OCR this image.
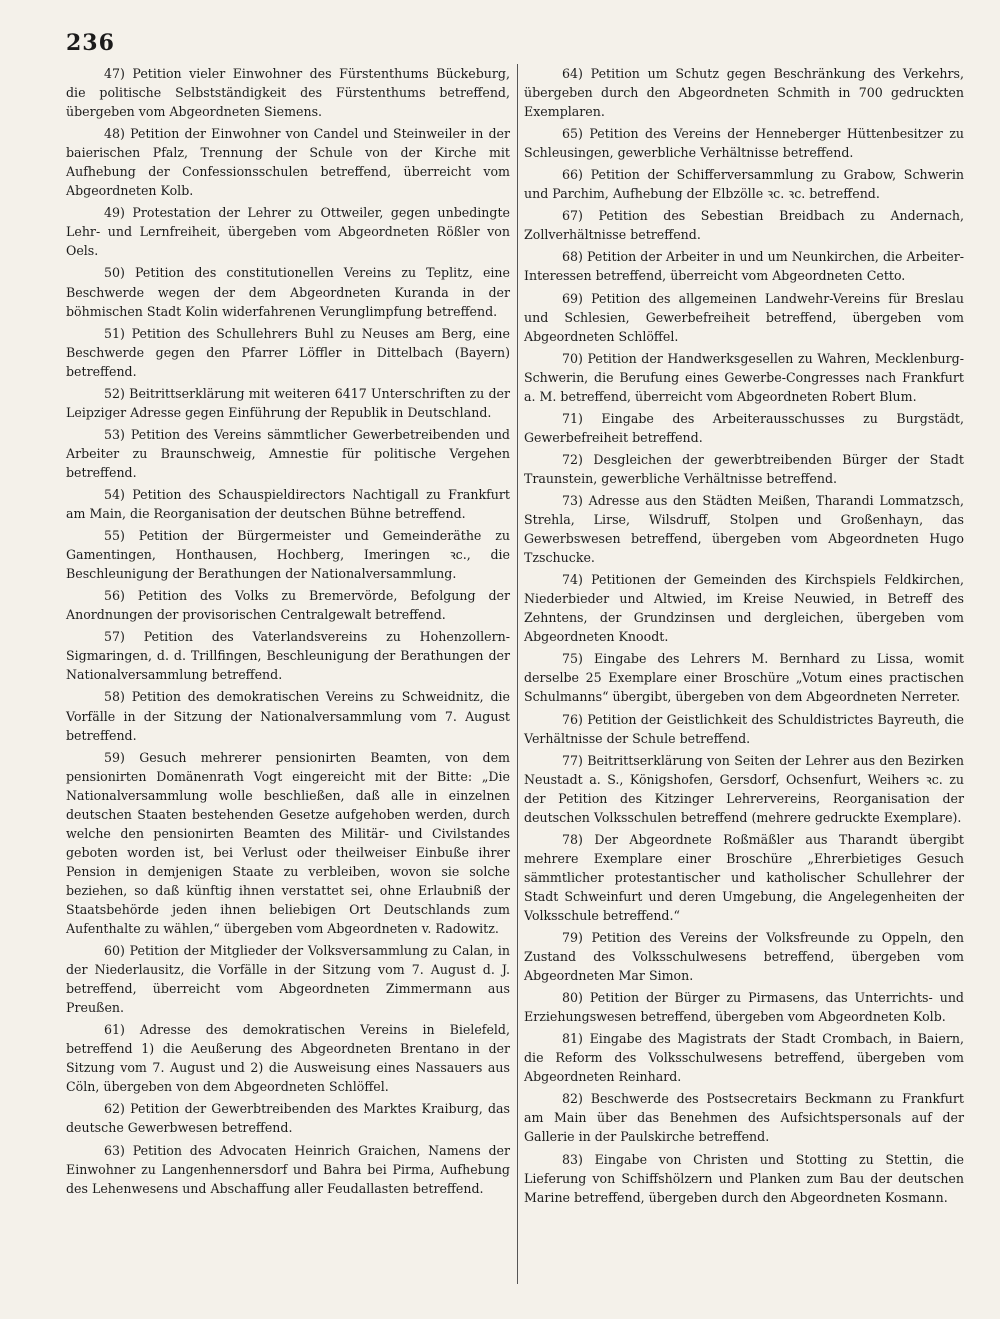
236

47) Petition vieler Einwohner des Fürstenthums Bückeburg, die politische Selbstständigkeit des Fürstenthums betreffend, übergeben vom Abgeordneten Siemens.

48) Petition der Einwohner von Candel und Steinweiler in der baierischen Pfalz, Trennung der Schule von der Kirche mit Aufhebung der Confessionsschulen betreffend, überreicht vom Abgeordneten Kolb.

49) Protestation der Lehrer zu Ottweiler, gegen unbedingte Lehr- und Lernfreiheit, übergeben vom Abgeordneten Rößler von Oels.

50) Petition des constitutionellen Vereins zu Teplitz, eine Beschwerde wegen der dem Abgeordneten Kuranda in der böhmischen Stadt Kolin widerfahrenen Verunglimpfung betreffend.

51) Petition des Schullehrers Buhl zu Neuses am Berg, eine Beschwerde gegen den Pfarrer Löffler in Dittelbach (Bayern) betreffend.

52) Beitrittserklärung mit weiteren 6417 Unterschriften zu der Leipziger Adresse gegen Einführung der Republik in Deutschland.

53) Petition des Vereins sämmtlicher Gewerbetreibenden und Arbeiter zu Braunschweig, Amnestie für politische Vergehen betreffend.

54) Petition des Schauspieldirectors Nachtigall zu Frankfurt am Main, die Reorganisation der deutschen Bühne betreffend.

55) Petition der Bürgermeister und Gemeinderäthe zu Gamentingen, Honthausen, Hochberg, Imeringen ꝛc., die Beschleunigung der Berathungen der Nationalversammlung.

56) Petition des Volks zu Bremervörde, Befolgung der Anordnungen der provisorischen Centralgewalt betreffend.

57) Petition des Vaterlandsvereins zu Hohenzollern-Sigmaringen, d. d. Trillfingen, Beschleunigung der Berathungen der Nationalversammlung betreffend.

58) Petition des demokratischen Vereins zu Schweidnitz, die Vorfälle in der Sitzung der Nationalversammlung vom 7. August betreffend.

59) Gesuch mehrerer pensionirten Beamten, von dem pensionirten Domänenrath Vogt eingereicht mit der Bitte: „Die Nationalversammlung wolle beschließen, daß alle in einzelnen deutschen Staaten bestehenden Gesetze aufgehoben werden, durch welche den pensionirten Beamten des Militär- und Civilstandes geboten worden ist, bei Verlust oder theilweiser Einbuße ihrer Pension in demjenigen Staate zu verbleiben, wovon sie solche beziehen, so daß künftig ihnen verstattet sei, ohne Erlaubniß der Staatsbehörde jeden ihnen beliebigen Ort Deutschlands zum Aufenthalte zu wählen,“ übergeben vom Abgeordneten v. Radowitz.

60) Petition der Mitglieder der Volksversammlung zu Calan, in der Niederlausitz, die Vorfälle in der Sitzung vom 7. August d. J. betreffend, überreicht vom Abgeordneten Zimmermann aus Preußen.

61) Adresse des demokratischen Vereins in Bielefeld, betreffend 1) die Aeußerung des Abgeordneten Brentano in der Sitzung vom 7. August und 2) die Ausweisung eines Nassauers aus Cöln, übergeben von dem Abgeordneten Schlöffel.

62) Petition der Gewerbtreibenden des Marktes Kraiburg, das deutsche Gewerbwesen betreffend.

63) Petition des Advocaten Heinrich Graichen, Namens der Einwohner zu Langenhennersdorf und Bahra bei Pirma, Aufhebung des Lehenwesens und Abschaffung aller Feudallasten betreffend.

64) Petition um Schutz gegen Beschränkung des Verkehrs, übergeben durch den Abgeordneten Schmith in 700 gedruckten Exemplaren.

65) Petition des Vereins der Henneberger Hüttenbesitzer zu Schleusingen, gewerbliche Verhältnisse betreffend.

66) Petition der Schifferversammlung zu Grabow, Schwerin und Parchim, Aufhebung der Elbzölle ꝛc. ꝛc. betreffend.

67) Petition des Sebestian Breidbach zu Andernach, Zollverhältnisse betreffend.

68) Petition der Arbeiter in und um Neunkirchen, die Arbeiter-Interessen betreffend, überreicht vom Abgeordneten Cetto.

69) Petition des allgemeinen Landwehr-Vereins für Breslau und Schlesien, Gewerbefreiheit betreffend, übergeben vom Abgeordneten Schlöffel.

70) Petition der Handwerksgesellen zu Wahren, Mecklenburg-Schwerin, die Berufung eines Gewerbe-Congresses nach Frankfurt a. M. betreffend, überreicht vom Abgeordneten Robert Blum.

71) Eingabe des Arbeiterausschusses zu Burgstädt, Gewerbefreiheit betreffend.

72) Desgleichen der gewerbtreibenden Bürger der Stadt Traunstein, gewerbliche Verhältnisse betreffend.

73) Adresse aus den Städten Meißen, Tharandi Lommatzsch, Strehla, Lirse, Wilsdruff, Stolpen und Großenhayn, das Gewerbswesen betreffend, übergeben vom Abgeordneten Hugo Tzschucke.

74) Petitionen der Gemeinden des Kirchspiels Feldkirchen, Niederbieder und Altwied, im Kreise Neuwied, in Betreff des Zehntens, der Grundzinsen und dergleichen, übergeben vom Abgeordneten Knoodt.

75) Eingabe des Lehrers M. Bernhard zu Lissa, womit derselbe 25 Exemplare einer Broschüre „Votum eines practischen Schulmanns“ übergibt, übergeben von dem Abgeordneten Nerreter.

76) Petition der Geistlichkeit des Schuldistrictes Bayreuth, die Verhältnisse der Schule betreffend.

77) Beitrittserklärung von Seiten der Lehrer aus den Bezirken Neustadt a. S., Königshofen, Gersdorf, Ochsenfurt, Weihers ꝛc. zu der Petition des Kitzinger Lehrervereins, Reorganisation der deutschen Volksschulen betreffend (mehrere gedruckte Exemplare).

78) Der Abgeordnete Roßmäßler aus Tharandt übergibt mehrere Exemplare einer Broschüre „Ehrerbietiges Gesuch sämmtlicher protestantischer und katholischer Schullehrer der Stadt Schweinfurt und deren Umgebung, die Angelegenheiten der Volksschule betreffend.“

79) Petition des Vereins der Volksfreunde zu Oppeln, den Zustand des Volksschulwesens betreffend, übergeben vom Abgeordneten Mar Simon.

80) Petition der Bürger zu Pirmasens, das Unterrichts- und Erziehungswesen betreffend, übergeben vom Abgeordneten Kolb.

81) Eingabe des Magistrats der Stadt Crombach, in Baiern, die Reform des Volksschulwesens betreffend, übergeben vom Abgeordneten Reinhard.

82) Beschwerde des Postsecretairs Beckmann zu Frankfurt am Main über das Benehmen des Aufsichtspersonals auf der Gallerie in der Paulskirche betreffend.

83) Eingabe von Christen und Stotting zu Stettin, die Lieferung von Schiffshölzern und Planken zum Bau der deutschen Marine betreffend, übergeben durch den Abgeordneten Kosmann.
